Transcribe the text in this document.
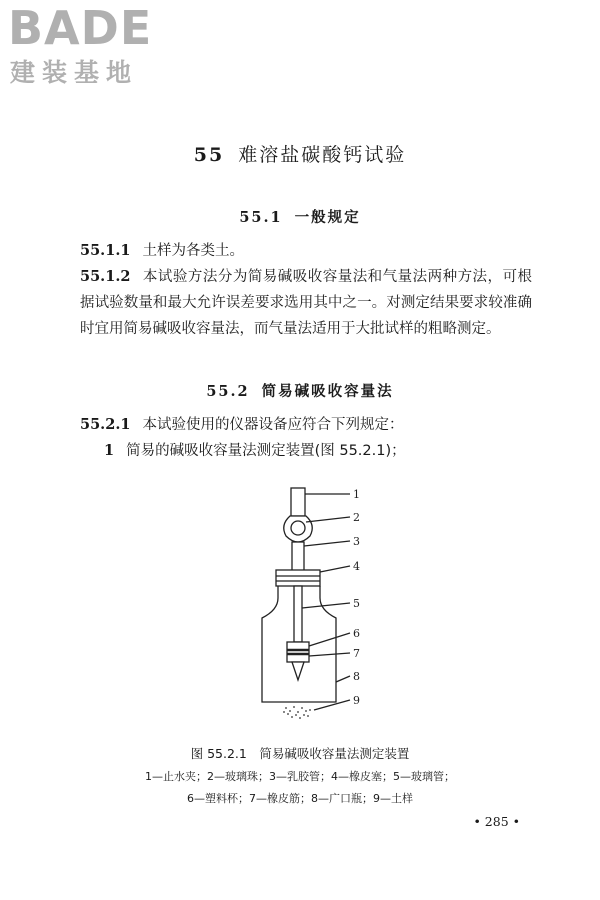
BADE
建装基地
55 难溶盐碳酸钙试验
55.1 一般规定
55.1.1 土样为各类土。
55.1.2 本试验方法分为简易碱吸收容量法和气量法两种方法，可根据试验数量和最大允许误差要求选用其中之一。对测定结果要求较准确时宜用简易碱吸收容量法，而气量法适用于大批试样的粗略测定。
55.2 简易碱吸收容量法
55.2.1 本试验使用的仪器设备应符合下列规定：
1 简易的碱吸收容量法测定装置(图 55.2.1)；
1
2
3
4
5
6
7
8
9
图 55.2.1　简易碱吸收容量法测定装置
1—止水夹；2—玻璃珠；3—乳胶管；4—橡皮塞；5—玻璃管；
6—塑料杯；7—橡皮筋；8—广口瓶；9—土样
• 285 •
